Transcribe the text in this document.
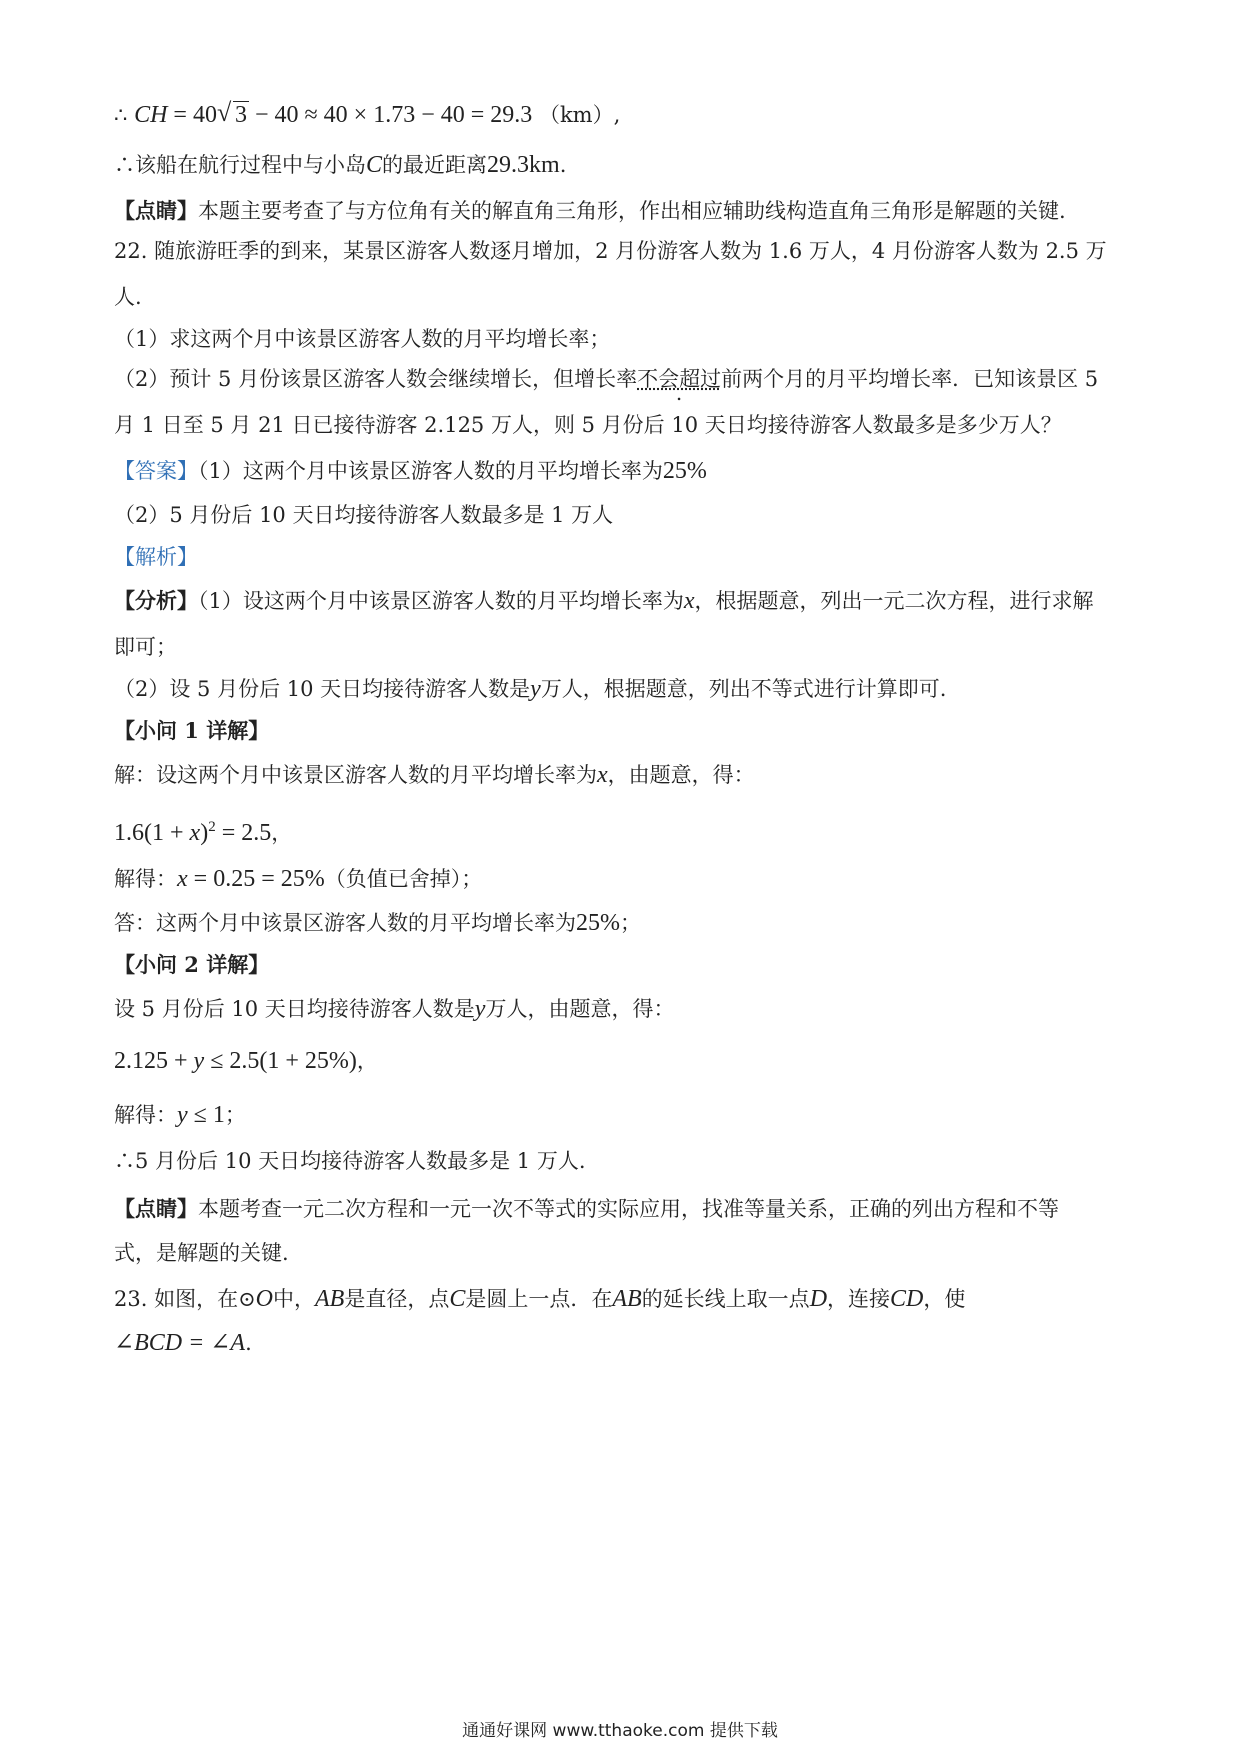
∴ CH = 40 √ 3 − 40 ≈ 40 × 1.73 − 40 = 29.3 （km）,
∴该船在航行过程中与小岛C的最近距离29.3km.
【点睛】本题主要考查了与方位角有关的解直角三角形，作出相应辅助线构造直角三角形是解题的关键.
22. 随旅游旺季的到来，某景区游客人数逐月增加，2 月份游客人数为 1.6 万人，4 月份游客人数为 2.5 万
人.
（1）求这两个月中该景区游客人数的月平均增长率；
（2）预计 5 月份该景区游客人数会继续增长，但增长率不会超过前两个月的月平均增长率．已知该景区 5
月 1 日至 5 月 21 日已接待游客 2.125 万人，则 5 月份后 10 天日均接待游客人数最多是多少万人？
【答案】（1）这两个月中该景区游客人数的月平均增长率为25%
（2）5 月份后 10 天日均接待游客人数最多是 1 万人
【解析】
【分析】（1）设这两个月中该景区游客人数的月平均增长率为x，根据题意，列出一元二次方程，进行求解
即可；
（2）设 5 月份后 10 天日均接待游客人数是y万人，根据题意，列出不等式进行计算即可.
【小问 1 详解】
解：设这两个月中该景区游客人数的月平均增长率为x，由题意，得：
$1.6(1 + x)^2 = 2.5$，
解得：x = 0.25 = 25%（负值已舍掉）；
答：这两个月中该景区游客人数的月平均增长率为25%；
【小问 2 详解】
设 5 月份后 10 天日均接待游客人数是y万人，由题意，得：
2.125 + y ≤ 2.5(1 + 25%)，
解得：y ≤ 1；
∴5 月份后 10 天日均接待游客人数最多是 1 万人.
【点睛】本题考查一元二次方程和一元一次不等式的实际应用，找准等量关系，正确的列出方程和不等
式，是解题的关键.
23. 如图，在⊙O中，AB是直径，点C是圆上一点．在AB的延长线上取一点D，连接CD，使
∠BCD = ∠A.
通通好课网 www.tthaoke.com 提供下载
